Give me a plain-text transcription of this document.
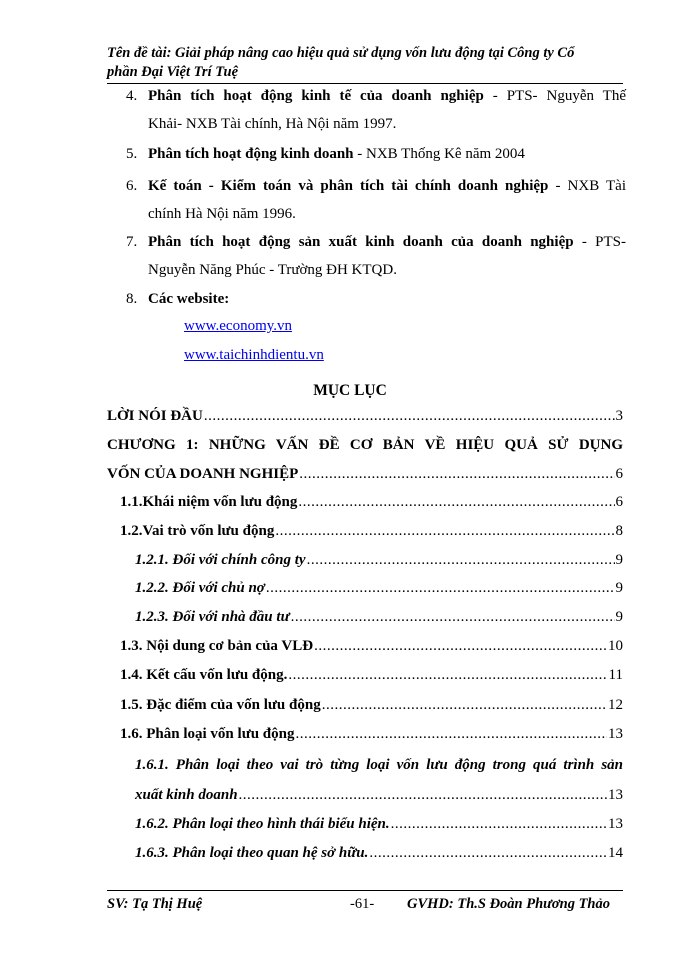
Tên đề tài: Giải pháp nâng cao hiệu quả sử dụng vốn lưu động tại Công ty Cổ
phần Đại Việt Trí Tuệ
4. Phân tích hoạt động kinh tế của doanh nghiệp - PTS- Nguyễn Thế
Khải- NXB Tài chính, Hà Nội năm 1997.
5. Phân tích hoạt động kinh doanh - NXB Thống Kê năm 2004
6. Kế toán - Kiểm toán và phân tích tài chính doanh nghiệp - NXB Tài
chính Hà Nội năm 1996.
7. Phân tích hoạt động sản xuất kinh doanh của doanh nghiệp - PTS-
Nguyễn Năng Phúc - Trường ĐH KTQD.
8. Các website:
www.economy.vn
www.taichinhdientu.vn
MỤC LỤC
LỜI NÓI ĐẦU .....	3
CHƯƠNG 1: NHỮNG VẤN ĐỀ CƠ BẢN VỀ HIỆU QUẢ SỬ DỤNG
VỐN CỦA DOANH NGHIỆP .....	6
1.1.Khái niệm vốn lưu động .....	6
1.2.Vai trò vốn lưu động .....	8
1.2.1. Đối với chính công ty .....	9
1.2.2. Đối với chủ nợ .....	9
1.2.3. Đối với nhà đầu tư .....	9
1.3. Nội dung cơ bản của VLĐ .....	10
1.4. Kết cấu vốn lưu động. .....	11
1.5. Đặc điểm của vốn lưu động .....	12
1.6. Phân loại vốn lưu động .....	13
1.6.1. Phân loại theo vai trò từng loại vốn lưu động trong quá trình sản
xuất kinh doanh .....	13
1.6.2. Phân loại theo hình thái biểu hiện. .....	13
1.6.3. Phân loại theo quan hệ sở hữu. .....	14
SV: Tạ Thị Huệ	-61- GVHD: Th.S Đoàn Phương Thảo
